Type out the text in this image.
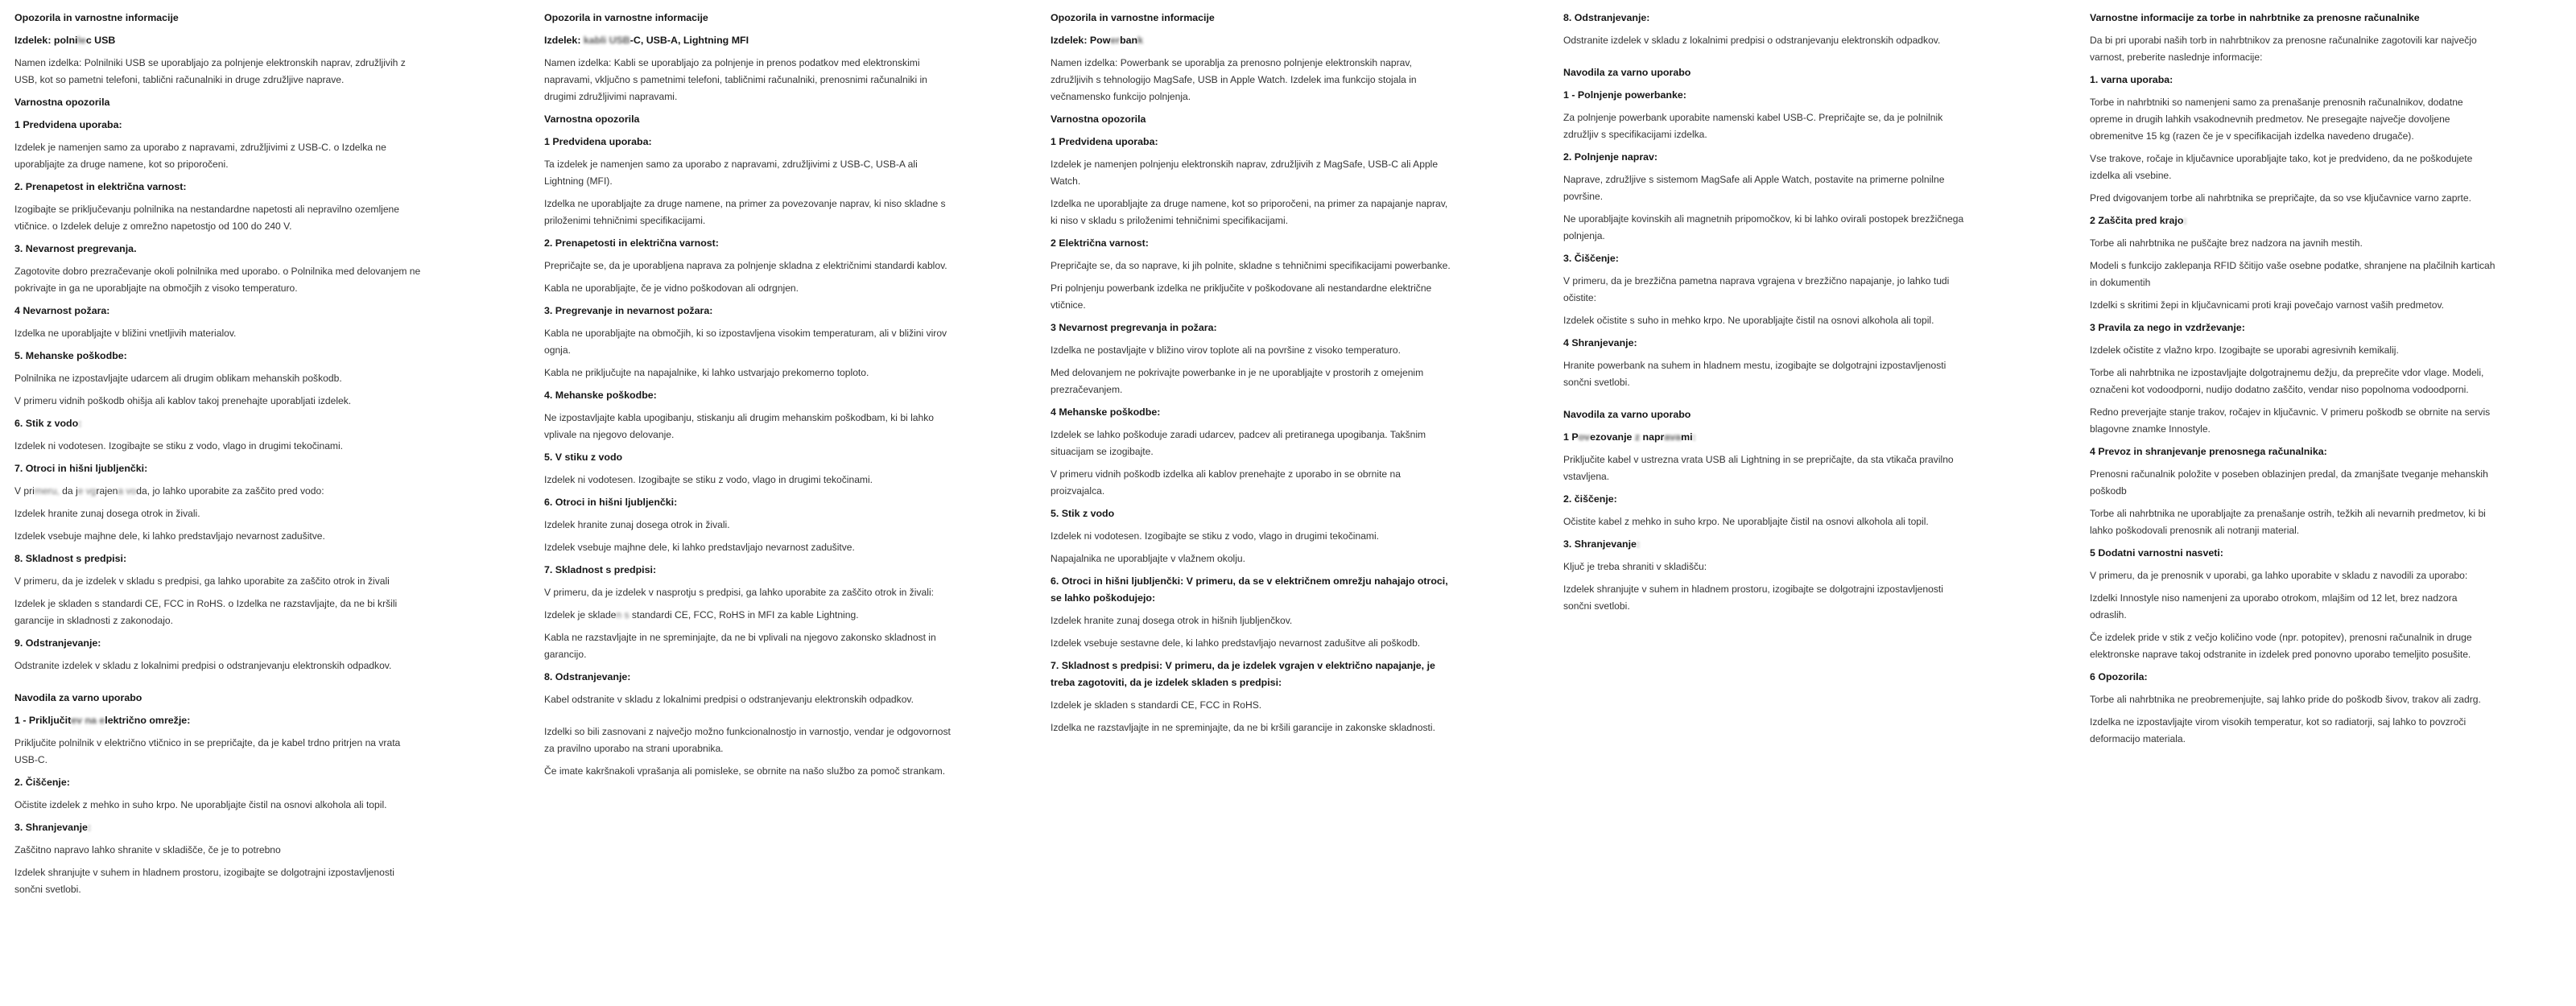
Opozorila in varnostne informacije
Izdelek: polnilec USB
Namen izdelka: Polnilniki USB se uporabljajo za polnjenje elektronskih naprav, združljivih z USB, kot so pametni telefoni, tablični računalniki in druge združljive naprave.
Varnostna opozorila
1 Predvidena uporaba:
Izdelek je namenjen samo za uporabo z napravami, združljivimi z USB-C. o Izdelka ne uporabljajte za druge namene, kot so priporočeni.
2. Prenapetost in električna varnost:
Izogibajte se priključevanju polnilnika na nestandardne napetosti ali nepravilno ozemljene vtičnice. o Izdelek deluje z omrežno napetostjo od 100 do 240 V.
3. Nevarnost pregrevanja.
Zagotovite dobro prezračevanje okoli polnilnika med uporabo. o Polnilnika med delovanjem ne pokrivajte in ga ne uporabljajte na območjih z visoko temperaturo.
4 Nevarnost požara:
Izdelka ne uporabljajte v bližini vnetljivih materialov.
5. Mehanske poškodbe:
Polnilnika ne izpostavljajte udarcem ali drugim oblikam mehanskih poškodb.
V primeru vidnih poškodb ohišja ali kablov takoj prenehajte uporabljati izdelek.
6. Stik z vodo:
Izdelek ni vodotesen. Izogibajte se stiku z vodo, vlago in drugimi tekočinami.
7. Otroci in hišni ljubljenčki:
V primeru, da je vgrajena voda, jo lahko uporabite za zaščito pred vodo:
Izdelek hranite zunaj dosega otrok in živali.
Izdelek vsebuje majhne dele, ki lahko predstavljajo nevarnost zadušitve.
8. Skladnost s predpisi:
V primeru, da je izdelek v skladu s predpisi, ga lahko uporabite za zaščito otrok in živali
Izdelek je skladen s standardi CE, FCC in RoHS. o Izdelka ne razstavljajte, da ne bi kršili garancije in skladnosti z zakonodajo.
9. Odstranjevanje:
Odstranite izdelek v skladu z lokalnimi predpisi o odstranjevanju elektronskih odpadkov.
Navodila za varno uporabo
1 - Priključitev na električno omrežje:
Priključite polnilnik v električno vtičnico in se prepričajte, da je kabel trdno pritrjen na vrata USB-C.
2. Čiščenje:
Očistite izdelek z mehko in suho krpo. Ne uporabljajte čistil na osnovi alkohola ali topil.
3. Shranjevanje:
Zaščitno napravo lahko shranite v skladišče, če je to potrebno
Izdelek shranjujte v suhem in hladnem prostoru, izogibajte se dolgotrajni izpostavljenosti sončni svetlobi.
Opozorila in varnostne informacije
Izdelek: kabli USB-C, USB-A, Lightning MFI
Namen izdelka: Kabli se uporabljajo za polnjenje in prenos podatkov med elektronskimi napravami, vključno s pametnimi telefoni, tabličnimi računalniki, prenosnimi računalniki in drugimi združljivimi napravami.
Varnostna opozorila
1 Predvidena uporaba:
Ta izdelek je namenjen samo za uporabo z napravami, združljivimi z USB-C, USB-A ali Lightning (MFI).
Izdelka ne uporabljajte za druge namene, na primer za povezovanje naprav, ki niso skladne s priloženimi tehničnimi specifikacijami.
2. Prenapetosti in električna varnost:
Prepričajte se, da je uporabljena naprava za polnjenje skladna z električnimi standardi kablov.
Kabla ne uporabljajte, če je vidno poškodovan ali odrgnjen.
3. Pregrevanje in nevarnost požara:
Kabla ne uporabljajte na območjih, ki so izpostavljena visokim temperaturam, ali v bližini virov ognja.
Kabla ne priključujte na napajalnike, ki lahko ustvarjajo prekomerno toploto.
4. Mehanske poškodbe:
Ne izpostavljajte kabla upogibanju, stiskanju ali drugim mehanskim poškodbam, ki bi lahko vplivale na njegovo delovanje.
5. V stiku z vodo
Izdelek ni vodotesen. Izogibajte se stiku z vodo, vlago in drugimi tekočinami.
6. Otroci in hišni ljubljenčki:
Izdelek hranite zunaj dosega otrok in živali.
Izdelek vsebuje majhne dele, ki lahko predstavljajo nevarnost zadušitve.
7. Skladnost s predpisi:
V primeru, da je izdelek v nasprotju s predpisi, ga lahko uporabite za zaščito otrok in živali:
Izdelek je skladen s standardi CE, FCC, RoHS in MFI za kable Lightning.
Kabla ne razstavljajte in ne spreminjajte, da ne bi vplivali na njegovo zakonsko skladnost in garancijo.
8. Odstranjevanje:
Kabel odstranite v skladu z lokalnimi predpisi o odstranjevanju elektronskih odpadkov.
Izdelki so bili zasnovani z največjo možno funkcionalnostjo in varnostjo, vendar je odgovornost za pravilno uporabo na strani uporabnika.
Če imate kakršnakoli vprašanja ali pomisleke, se obrnite na našo službo za pomoč strankam.
Opozorila in varnostne informacije
Izdelek: Powerbank
Namen izdelka: Powerbank se uporablja za prenosno polnjenje elektronskih naprav, združljivih s tehnologijo MagSafe, USB in Apple Watch. Izdelek ima funkcijo stojala in večnamensko funkcijo polnjenja.
Varnostna opozorila
1 Predvidena uporaba:
Izdelek je namenjen polnjenju elektronskih naprav, združljivih z MagSafe, USB-C ali Apple Watch.
Izdelka ne uporabljajte za druge namene, kot so priporočeni, na primer za napajanje naprav, ki niso v skladu s priloženimi tehničnimi specifikacijami.
2 Električna varnost:
Prepričajte se, da so naprave, ki jih polnite, skladne s tehničnimi specifikacijami powerbanke.
Pri polnjenju powerbank izdelka ne priključite v poškodovane ali nestandardne električne vtičnice.
3 Nevarnost pregrevanja in požara:
Izdelka ne postavljajte v bližino virov toplote ali na površine z visoko temperaturo.
Med delovanjem ne pokrivajte powerbanke in je ne uporabljajte v prostorih z omejenim prezračevanjem.
4 Mehanske poškodbe:
Izdelek se lahko poškoduje zaradi udarcev, padcev ali pretiranega upogibanja. Takšnim situacijam se izogibajte.
V primeru vidnih poškodb izdelka ali kablov prenehajte z uporabo in se obrnite na proizvajalca.
5. Stik z vodo
Izdelek ni vodotesen. Izogibajte se stiku z vodo, vlago in drugimi tekočinami.
Napajalnika ne uporabljajte v vlažnem okolju.
6. Otroci in hišni ljubljenčki: V primeru, da se v električnem omrežju nahajajo otroci, se lahko poškodujejo:
Izdelek hranite zunaj dosega otrok in hišnih ljubljenčkov.
Izdelek vsebuje sestavne dele, ki lahko predstavljajo nevarnost zadušitve ali poškodb.
7. Skladnost s predpisi: V primeru, da je izdelek vgrajen v električno napajanje, je treba zagotoviti, da je izdelek skladen s predpisi:
Izdelek je skladen s standardi CE, FCC in RoHS.
Izdelka ne razstavljajte in ne spreminjajte, da ne bi kršili garancije in zakonske skladnosti.
8. Odstranjevanje:
Odstranite izdelek v skladu z lokalnimi predpisi o odstranjevanju elektronskih odpadkov.
Navodila za varno uporabo
1 - Polnjenje powerbanke:
Za polnjenje powerbank uporabite namenski kabel USB-C. Prepričajte se, da je polnilnik združljiv s specifikacijami izdelka.
2. Polnjenje naprav:
Naprave, združljive s sistemom MagSafe ali Apple Watch, postavite na primerne polnilne površine.
Ne uporabljajte kovinskih ali magnetnih pripomočkov, ki bi lahko ovirali postopek brezžičnega polnjenja.
3. Čiščenje:
V primeru, da je brezžična pametna naprava vgrajena v brezžično napajanje, jo lahko tudi očistite:
Izdelek očistite s suho in mehko krpo. Ne uporabljajte čistil na osnovi alkohola ali topil.
4 Shranjevanje:
Hranite powerbank na suhem in hladnem mestu, izogibajte se dolgotrajni izpostavljenosti sončni svetlobi.
Navodila za varno uporabo
1 Povezovanje z napravami:
Priključite kabel v ustrezna vrata USB ali Lightning in se prepričajte, da sta vtikača pravilno vstavljena.
2. čiščenje:
Očistite kabel z mehko in suho krpo. Ne uporabljajte čistil na osnovi alkohola ali topil.
3. Shranjevanje:
Ključ je treba shraniti v skladišču:
Izdelek shranjujte v suhem in hladnem prostoru, izogibajte se dolgotrajni izpostavljenosti sončni svetlobi.
Varnostne informacije za torbe in nahrbtnike za prenosne računalnike
Da bi pri uporabi naših torb in nahrbtnikov za prenosne računalnike zagotovili kar največjo varnost, preberite naslednje informacije:
1. varna uporaba:
Torbe in nahrbtniki so namenjeni samo za prenašanje prenosnih računalnikov, dodatne opreme in drugih lahkih vsakodnevnih predmetov. Ne presegajte največje dovoljene obremenitve 15 kg (razen če je v specifikacijah izdelka navedeno drugače).
Vse trakove, ročaje in ključavnice uporabljajte tako, kot je predvideno, da ne poškodujete izdelka ali vsebine.
Pred dvigovanjem torbe ali nahrbtnika se prepričajte, da so vse ključavnice varno zaprte.
2 Zaščita pred krajo:
Torbe ali nahrbtnika ne puščajte brez nadzora na javnih mestih.
Modeli s funkcijo zaklepanja RFID ščitijo vaše osebne podatke, shranjene na plačilnih karticah in dokumentih
Izdelki s skritimi žepi in ključavnicami proti kraji povečajo varnost vaših predmetov.
3 Pravila za nego in vzdrževanje:
Izdelek očistite z vlažno krpo. Izogibajte se uporabi agresivnih kemikalij.
Torbe ali nahrbtnika ne izpostavljajte dolgotrajnemu dežju, da preprečite vdor vlage. Modeli, označeni kot vodoodporni, nudijo dodatno zaščito, vendar niso popolnoma vodoodporni.
Redno preverjajte stanje trakov, ročajev in ključavnic. V primeru poškodb se obrnite na servis blagovne znamke Innostyle.
4 Prevoz in shranjevanje prenosnega računalnika:
Prenosni računalnik položite v poseben oblazinjen predal, da zmanjšate tveganje mehanskih poškodb
Torbe ali nahrbtnika ne uporabljajte za prenašanje ostrih, težkih ali nevarnih predmetov, ki bi lahko poškodovali prenosnik ali notranji material.
5 Dodatni varnostni nasveti:
V primeru, da je prenosnik v uporabi, ga lahko uporabite v skladu z navodili za uporabo:
Izdelki Innostyle niso namenjeni za uporabo otrokom, mlajšim od 12 let, brez nadzora odraslih.
Če izdelek pride v stik z večjo količino vode (npr. potopitev), prenosni računalnik in druge elektronske naprave takoj odstranite in izdelek pred ponovno uporabo temeljito posušite.
6 Opozorila:
Torbe ali nahrbtnika ne preobremenjujte, saj lahko pride do poškodb šivov, trakov ali zadrg.
Izdelka ne izpostavljajte virom visokih temperatur, kot so radiatorji, saj lahko to povzroči deformacijo materiala.
